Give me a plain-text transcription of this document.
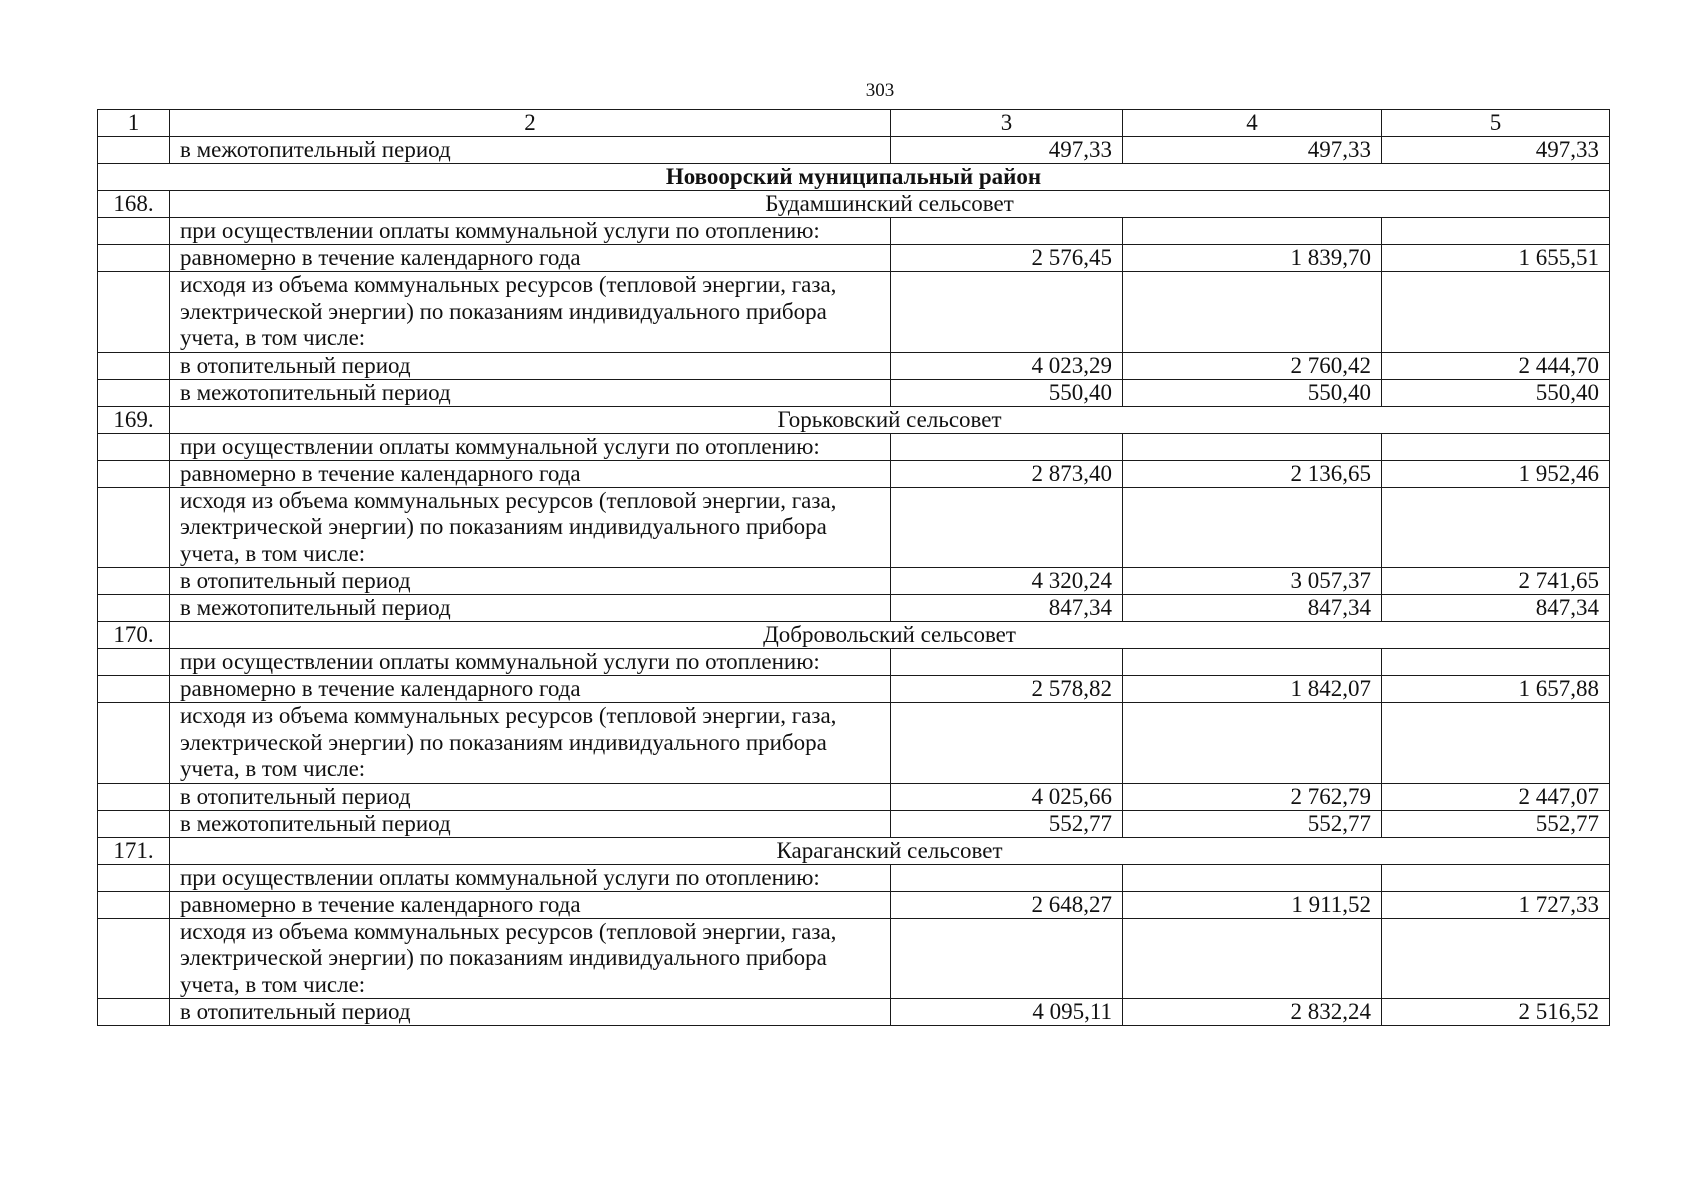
303
1	2	3	4	5
	в межотопительный период	497,33	497,33	497,33
Новоорский муниципальный район				
168.	Будамшинский сельсовет			
	при осуществлении оплаты коммунальной услуги по отоплению:			
	равномерно в течение календарного года	2 576,45	1 839,70	1 655,51
	исходя из объема коммунальных ресурсов (тепловой энергии, газа, электрической энергии) по показаниям индивидуального прибора учета, в том числе:			
	в отопительный период	4 023,29	2 760,42	2 444,70
	в межотопительный период	550,40	550,40	550,40
169.	Горьковский сельсовет			
	при осуществлении оплаты коммунальной услуги по отоплению:			
	равномерно в течение календарного года	2 873,40	2 136,65	1 952,46
	исходя из объема коммунальных ресурсов (тепловой энергии, газа, электрической энергии) по показаниям индивидуального прибора учета, в том числе:			
	в отопительный период	4 320,24	3 057,37	2 741,65
	в межотопительный период	847,34	847,34	847,34
170.	Добровольский сельсовет			
	при осуществлении оплаты коммунальной услуги по отоплению:			
	равномерно в течение календарного года	2 578,82	1 842,07	1 657,88
	исходя из объема коммунальных ресурсов (тепловой энергии, газа, электрической энергии) по показаниям индивидуального прибора учета, в том числе:			
	в отопительный период	4 025,66	2 762,79	2 447,07
	в межотопительный период	552,77	552,77	552,77
171.	Караганский сельсовет			
	при осуществлении оплаты коммунальной услуги по отоплению:			
	равномерно в течение календарного года	2 648,27	1 911,52	1 727,33
	исходя из объема коммунальных ресурсов (тепловой энергии, газа, электрической энергии) по показаниям индивидуального прибора учета, в том числе:			
	в отопительный период	4 095,11	2 832,24	2 516,52
